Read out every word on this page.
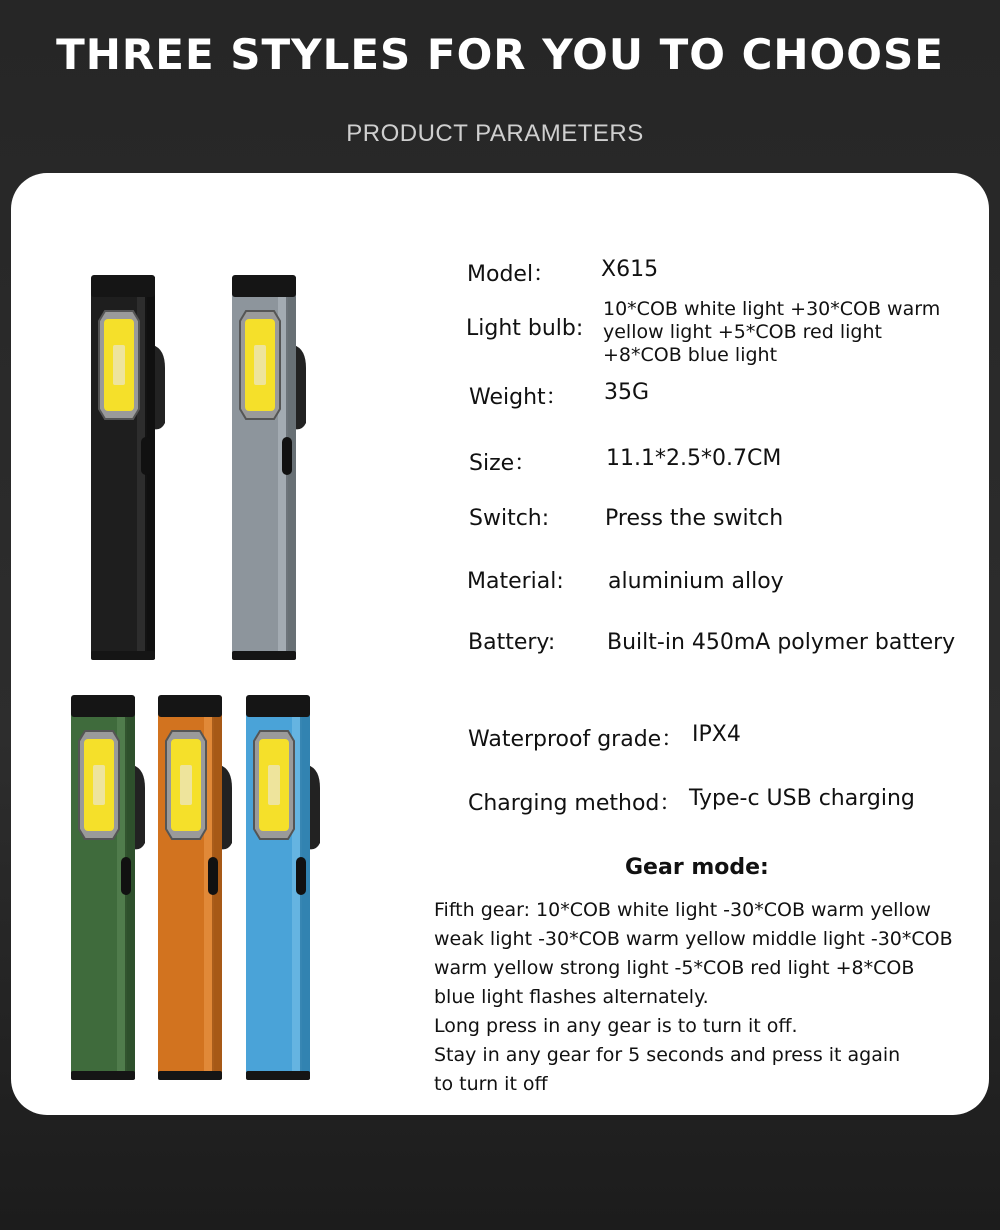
THREE STYLES FOR YOU TO CHOOSE
PRODUCT PARAMETERS
Model： X615
Light bulb:
10*COB white light +30*COB warm yellow light +5*COB red light +8*COB blue light
Weight： 35G
Size：	11.1*2.5*0.7CM
Switch:	Press the switch
Material: aluminium alloy
Battery: Built-in 450mA polymer battery
Waterproof grade： IPX4
Charging method： Type-c USB charging
Gear mode:
Fifth gear: 10*COB white light -30*COB warm yellow
weak light -30*COB warm yellow middle light -30*COB
warm yellow strong light -5*COB red light +8*COB
blue light flashes alternately.
Long press in any gear is to turn it off.
Stay in any gear for 5 seconds and press it again
to turn it off
